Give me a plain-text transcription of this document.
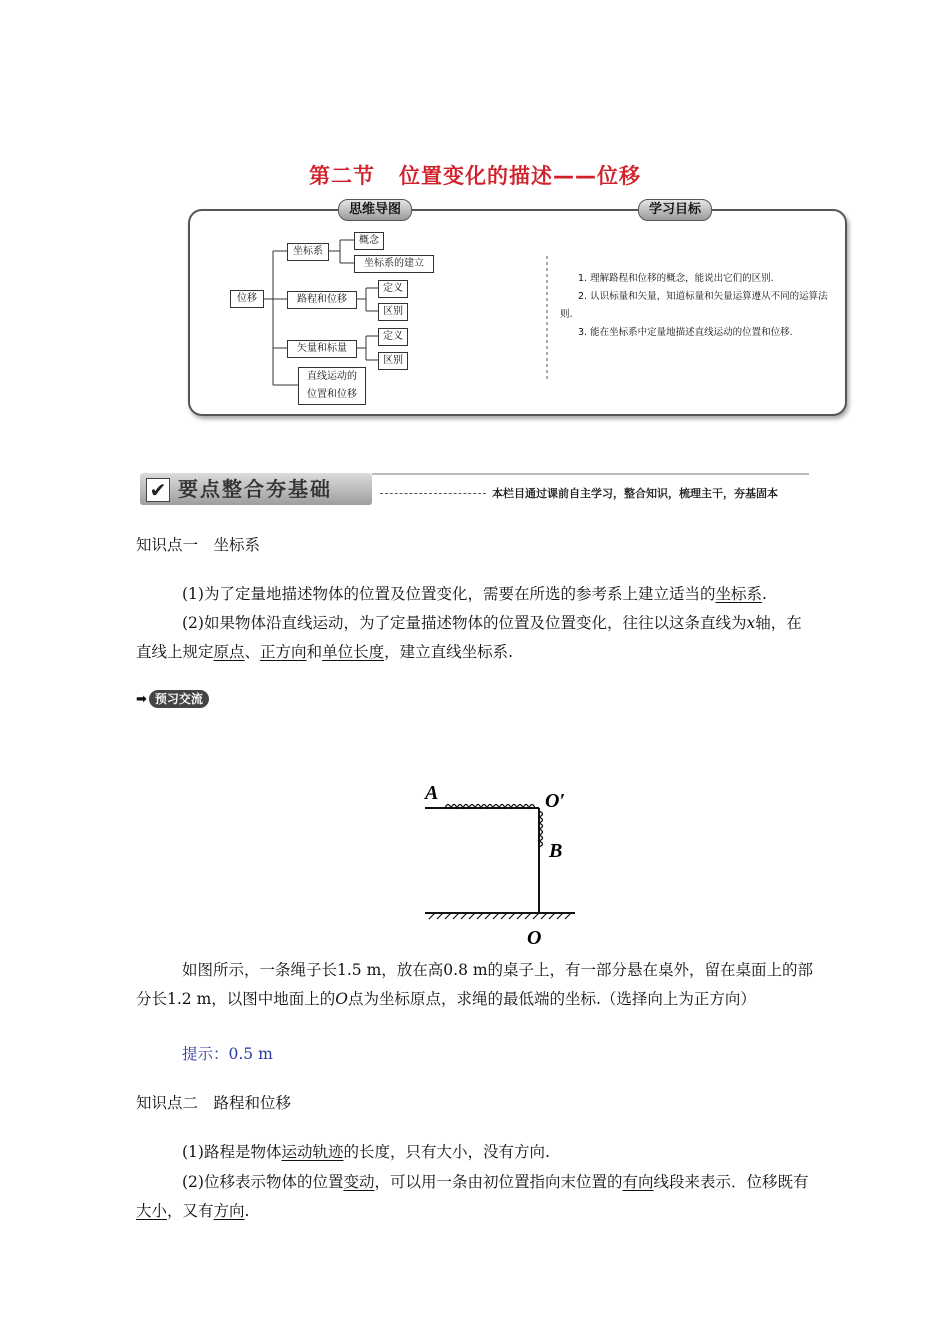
第二节 位置变化的描述——位移
思维导图	学习目标
位移
坐标系
概念
坐标系的建立
路程和位移
定义
区别
矢量和标量
定义
区别
直线运动的
位置和位移

1. 理解路程和位移的概念，能说出它们的区别.

2. 认识标量和矢量，知道标量和矢量运算遵从不同的运算法则.

3. 能在坐标系中定量地描述直线运动的位置和位移.

✔ 要点整合夯基础	本栏目通过课前自主学习，整合知识，梳理主干，夯基固本
知识点一　坐标系
(1)为了定量地描述物体的位置及位置变化，需要在所选的参考系上建立适当的坐标系.
(2)如果物体沿直线运动，为了定量描述物体的位置及位置变化，往往以这条直线为x轴，在直线上规定原点、正方向和单位长度，建立直线坐标系.
➡ 预习交流
A	O′
B
O
如图所示，一条绳子长1.5 m，放在高0.8 m的桌子上，有一部分悬在桌外，留在桌面上的部分长1.2 m，以图中地面上的O点为坐标原点，求绳的最低端的坐标.（选择向上为正方向）
提示：0.5 m
知识点二　路程和位移
(1)路程是物体运动轨迹的长度，只有大小，没有方向.
(2)位移表示物体的位置变动，可以用一条由初位置指向末位置的有向线段来表示．位移既有大小，又有方向.
